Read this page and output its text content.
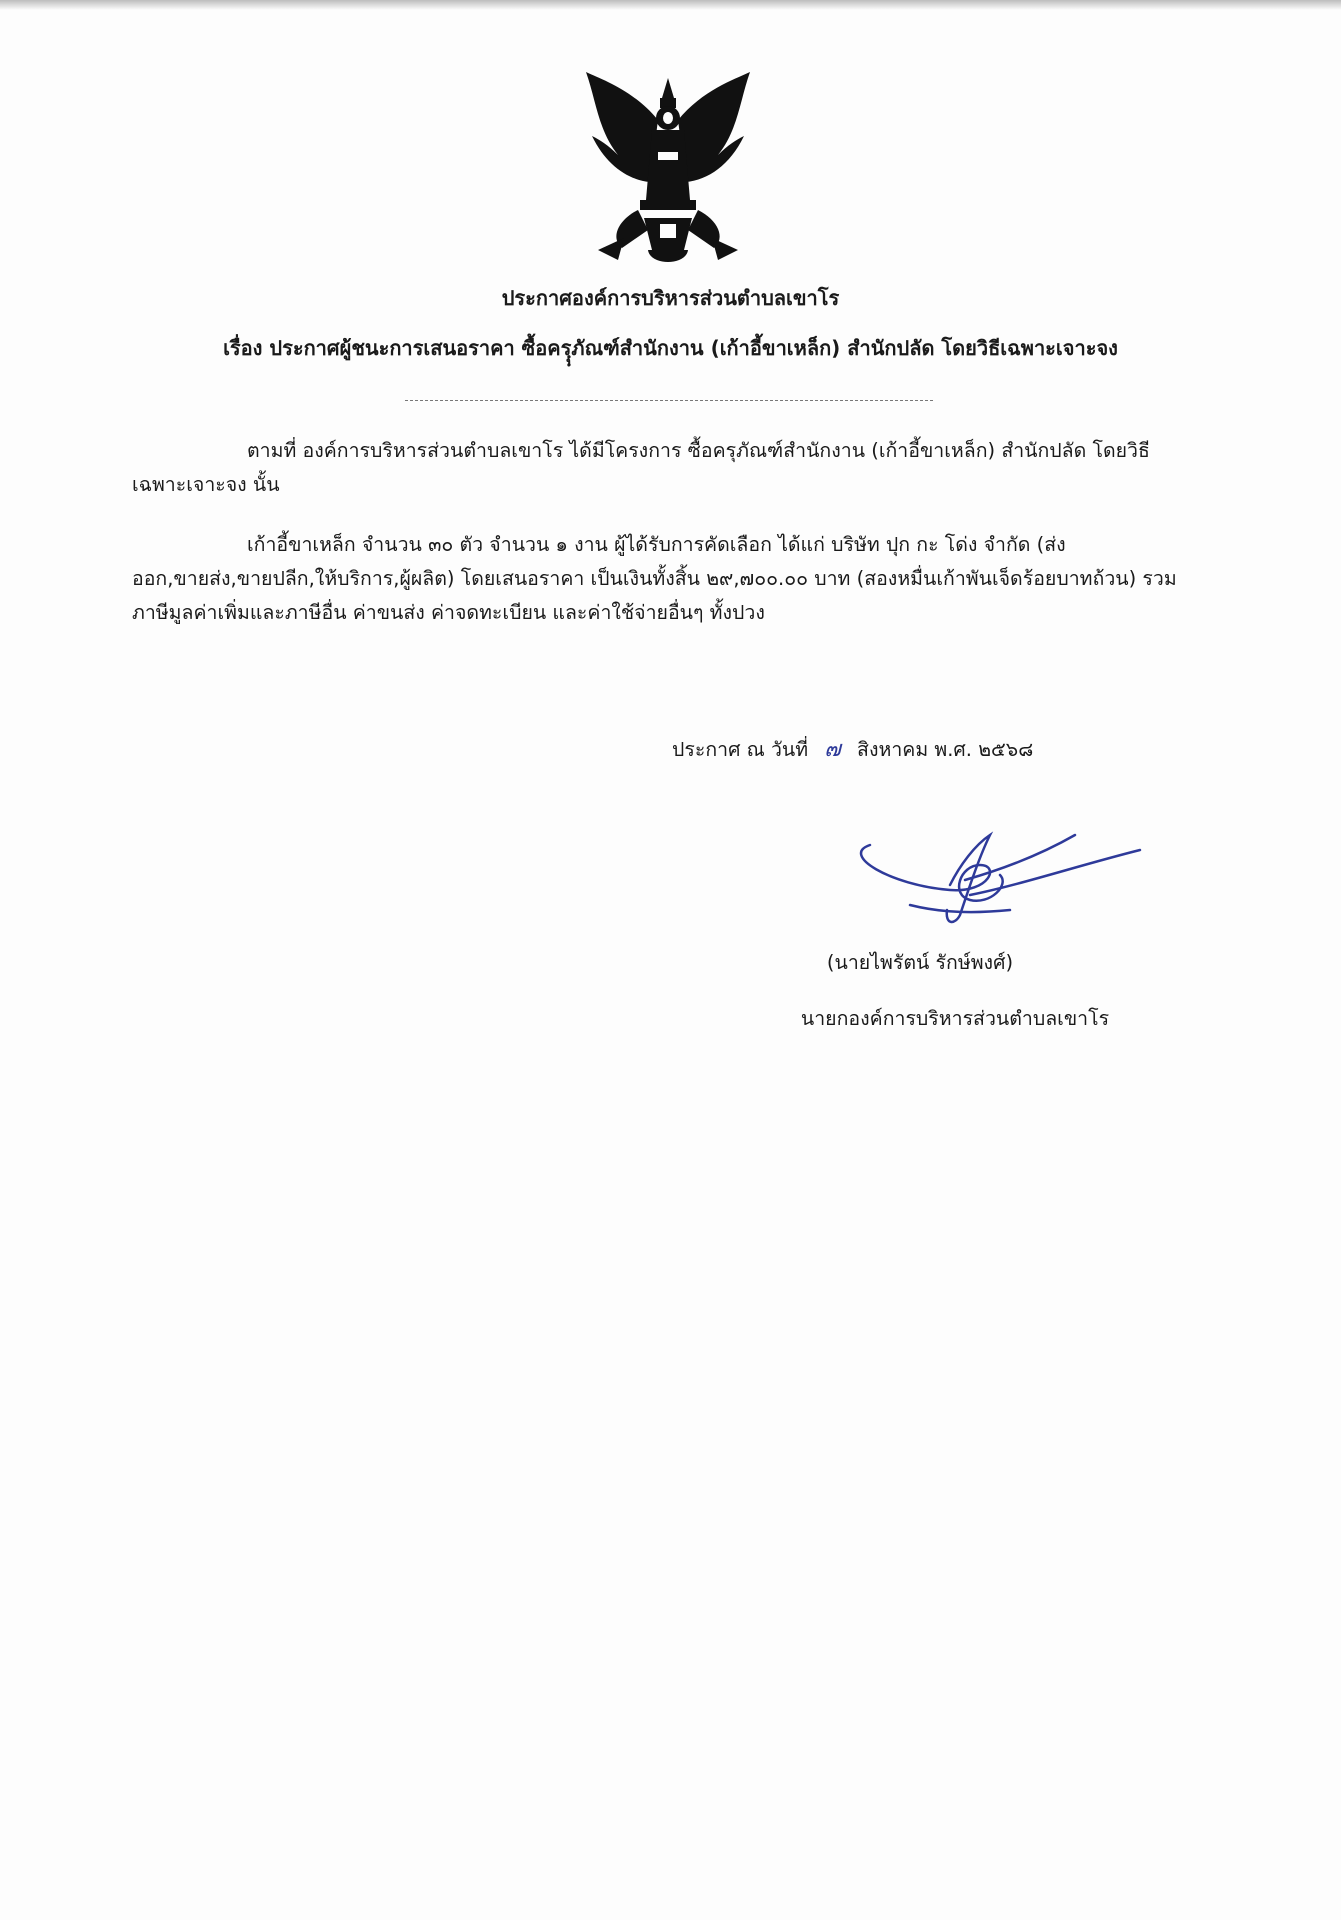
ประกาศองค์การบริหารส่วนตำบลเขาโร
เรื่อง ประกาศผู้ชนะการเสนอราคา ซื้อครฺฺุภัณฑ์สำนักงาน (เก้าอี้ขาเหล็ก) สำนักปลัด โดยวิธีเฉพาะเจาะจง
ตามที่ องค์การบริหารส่วนตำบลเขาโร ได้มีโครงการ ซื้อครุภัณฑ์สำนักงาน (เก้าอี้ขาเหล็ก) สำนักปลัด โดยวิธีเฉพาะเจาะจง นั้น
เก้าอี้ขาเหล็ก จำนวน ๓๐ ตัว จำนวน ๑ งาน ผู้ได้รับการคัดเลือก ได้แก่ บริษัท ปุก กะ โด่ง จำกัด (ส่งออก,ขายส่ง,ขายปลีก,ให้บริการ,ผู้ผลิต) โดยเสนอราคา เป็นเงินทั้งสิ้น ๒๙,๗๐๐.๐๐ บาท (สองหมื่นเก้าพันเจ็ดร้อยบาทถ้วน) รวมภาษีมูลค่าเพิ่มและภาษีอื่น ค่าขนส่ง ค่าจดทะเบียน และค่าใช้จ่ายอื่นๆ ทั้งปวง
ประกาศ ณ วันที่ ๗ สิงหาคม พ.ศ. ๒๕๖๘
(นายไพรัตน์ รักษ์พงศ์)
นายกองค์การบริหารส่วนตำบลเขาโร
